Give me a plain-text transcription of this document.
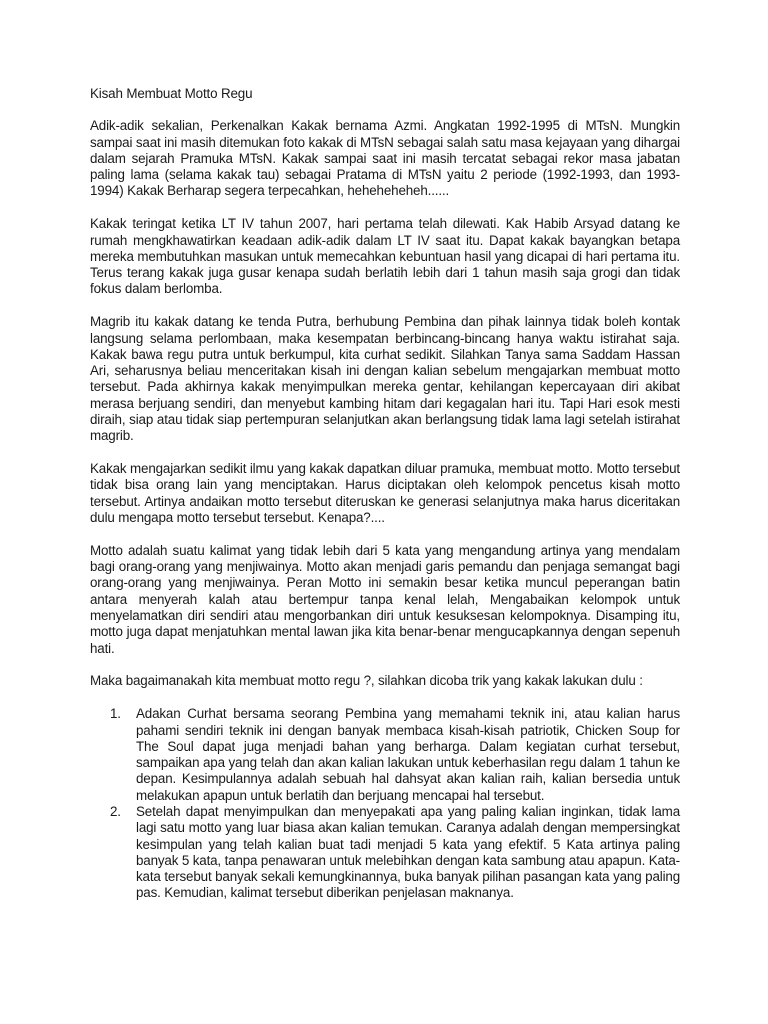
Kisah Membuat Motto Regu

Adik-adik sekalian, Perkenalkan Kakak bernama Azmi. Angkatan 1992-1995 di MTsN. Mungkin sampai saat ini masih ditemukan foto kakak di MTsN sebagai salah satu masa kejayaan yang dihargai dalam sejarah Pramuka MTsN. Kakak sampai saat ini masih tercatat sebagai rekor masa jabatan paling lama (selama kakak tau) sebagai Pratama di MTsN yaitu 2 periode (1992-1993, dan 1993-1994) Kakak Berharap segera terpecahkan, heheheheheh......

Kakak teringat ketika LT IV tahun 2007, hari pertama telah dilewati. Kak Habib Arsyad datang ke rumah mengkhawatirkan keadaan adik-adik dalam LT IV saat itu. Dapat kakak bayangkan betapa mereka membutuhkan masukan untuk memecahkan kebuntuan hasil yang dicapai di hari pertama itu. Terus terang kakak juga gusar kenapa sudah berlatih lebih dari 1 tahun masih saja grogi dan tidak fokus dalam berlomba.

Magrib itu kakak datang ke tenda Putra, berhubung Pembina dan pihak lainnya tidak boleh kontak langsung selama perlombaan, maka kesempatan berbincang-bincang hanya waktu istirahat saja. Kakak bawa regu putra untuk berkumpul, kita curhat sedikit. Silahkan Tanya sama Saddam Hassan Ari, seharusnya beliau menceritakan kisah ini dengan kalian sebelum mengajarkan membuat motto tersebut. Pada akhirnya kakak menyimpulkan mereka gentar, kehilangan kepercayaan diri akibat merasa berjuang sendiri, dan menyebut kambing hitam dari kegagalan hari itu. Tapi Hari esok mesti diraih, siap atau tidak siap pertempuran selanjutkan akan berlangsung tidak lama lagi setelah istirahat magrib.

Kakak mengajarkan sedikit ilmu yang kakak dapatkan diluar pramuka, membuat motto. Motto tersebut tidak bisa orang lain yang menciptakan. Harus diciptakan oleh kelompok pencetus kisah motto tersebut. Artinya andaikan motto tersebut diteruskan ke generasi selanjutnya maka harus diceritakan dulu mengapa motto tersebut tersebut. Kenapa?....

Motto adalah suatu kalimat yang tidak lebih dari 5 kata yang mengandung artinya yang mendalam bagi orang-orang yang menjiwainya. Motto akan menjadi garis pemandu dan penjaga semangat bagi orang-orang yang menjiwainya. Peran Motto ini semakin besar ketika muncul peperangan batin antara menyerah kalah atau bertempur tanpa kenal lelah, Mengabaikan kelompok untuk menyelamatkan diri sendiri atau mengorbankan diri untuk kesuksesan kelompoknya. Disamping itu, motto juga dapat menjatuhkan mental lawan jika kita benar-benar mengucapkannya dengan sepenuh hati.

Maka bagaimanakah kita membuat motto regu ?, silahkan dicoba trik yang kakak lakukan dulu :

1. Adakan Curhat bersama seorang Pembina yang memahami teknik ini, atau kalian harus pahami sendiri teknik ini dengan banyak membaca kisah-kisah patriotik, Chicken Soup for The Soul dapat juga menjadi bahan yang berharga. Dalam kegiatan curhat tersebut, sampaikan apa yang telah dan akan kalian lakukan untuk keberhasilan regu dalam 1 tahun ke depan. Kesimpulannya adalah sebuah hal dahsyat akan kalian raih, kalian bersedia untuk melakukan apapun untuk berlatih dan berjuang mencapai hal tersebut.
2. Setelah dapat menyimpulkan dan menyepakati apa yang paling kalian inginkan, tidak lama lagi satu motto yang luar biasa akan kalian temukan. Caranya adalah dengan mempersingkat kesimpulan yang telah kalian buat tadi menjadi 5 kata yang efektif. 5 Kata artinya paling banyak 5 kata, tanpa penawaran untuk melebihkan dengan kata sambung atau apapun. Kata-kata tersebut banyak sekali kemungkinannya, buka banyak pilihan pasangan kata yang paling pas. Kemudian, kalimat tersebut diberikan penjelasan maknanya.
